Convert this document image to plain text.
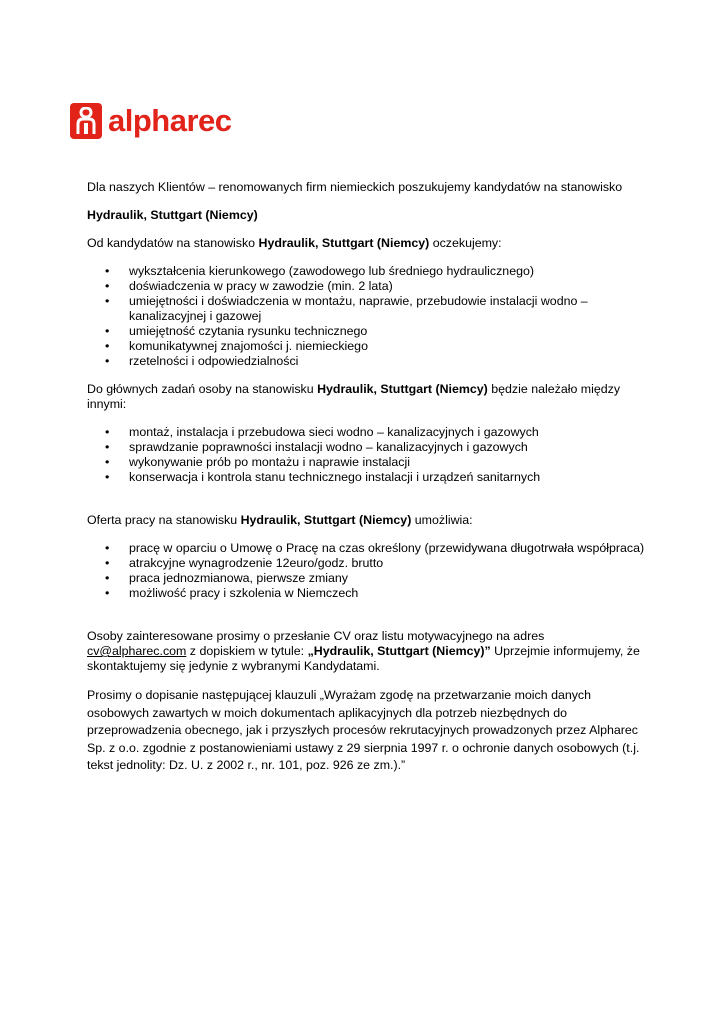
alpharec

Dla naszych Klientów – renomowanych firm niemieckich poszukujemy kandydatów na stanowisko

Hydraulik, Stuttgart (Niemcy)

Od kandydatów na stanowisko Hydraulik, Stuttgart (Niemcy) oczekujemy:

• wykształcenia kierunkowego (zawodowego lub średniego hydraulicznego)
• doświadczenia w pracy w zawodzie (min. 2 lata)
• umiejętności i doświadczenia w montażu, naprawie, przebudowie instalacji wodno – kanalizacyjnej i gazowej
• umiejętność czytania rysunku technicznego
• komunikatywnej znajomości j. niemieckiego
• rzetelności i odpowiedzialności

Do głównych zadań osoby na stanowisku Hydraulik, Stuttgart (Niemcy) będzie należało między innymi:

• montaż, instalacja i przebudowa sieci wodno – kanalizacyjnych i gazowych
• sprawdzanie poprawności instalacji wodno – kanalizacyjnych i gazowych
• wykonywanie prób po montażu i naprawie instalacji
• konserwacja i kontrola stanu technicznego instalacji i urządzeń sanitarnych

Oferta pracy na stanowisku Hydraulik, Stuttgart (Niemcy) umożliwia:

• pracę w oparciu o Umowę o Pracę na czas określony (przewidywana długotrwała współpraca)
• atrakcyjne wynagrodzenie 12euro/godz. brutto
• praca jednozmianowa, pierwsze zmiany
• możliwość pracy i szkolenia w Niemczech

Osoby zainteresowane prosimy o przesłanie CV oraz listu motywacyjnego na adres cv@alpharec.com z dopiskiem w tytule: „Hydraulik, Stuttgart (Niemcy)” Uprzejmie informujemy, że skontaktujemy się jedynie z wybranymi Kandydatami.

Prosimy o dopisanie następującej klauzuli „Wyrażam zgodę na przetwarzanie moich danych osobowych zawartych w moich dokumentach aplikacyjnych dla potrzeb niezbędnych do przeprowadzenia obecnego, jak i przyszłych procesów rekrutacyjnych prowadzonych przez Alpharec Sp. z o.o. zgodnie z postanowieniami ustawy z 29 sierpnia 1997 r. o ochronie danych osobowych (t.j. tekst jednolity: Dz. U. z 2002 r., nr. 101, poz. 926 ze zm.).”
